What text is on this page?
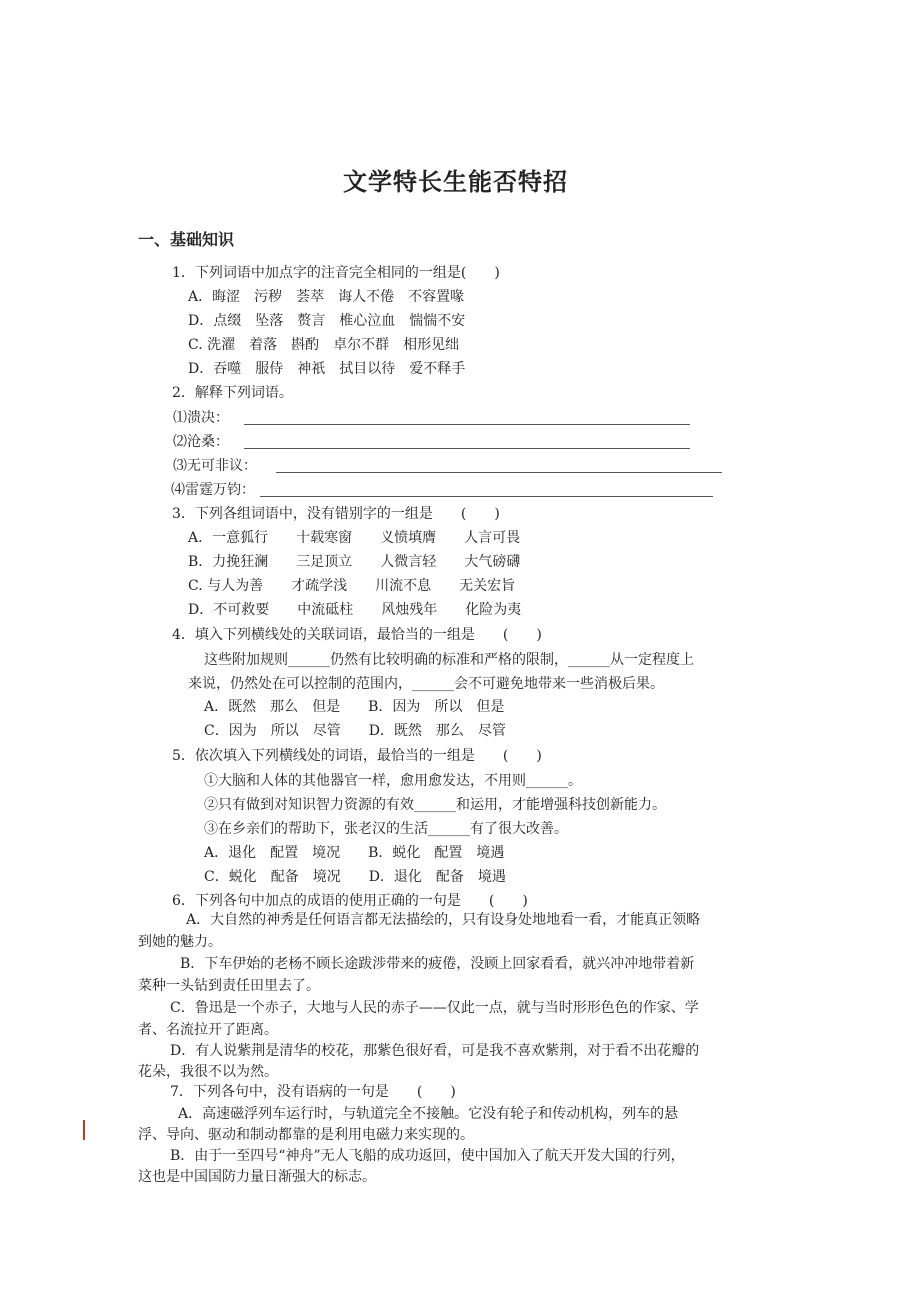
文学特长生能否特招
一、基础知识
1．下列词语中加点字的注音完全相同的一组是(　　)
A．晦涩　污秽　荟萃　诲人不倦　不容置喙
D．点缀　坠落　赘言　椎心泣血　惴惴不安
C. 洗濯　着落　斟酌　卓尔不群　相形见绌
D．吞噬　服侍　神祇　拭目以待　爱不释手
2．解释下列词语。
⑴溃决：
⑵沧桑：
⑶无可非议：
⑷雷霆万钧：
3．下列各组词语中，没有错别字的一组是　　(　　)
A．一意狐行　　十载寒窗　　义愤填膺　　人言可畏
B．力挽狂澜　　三足顶立　　人微言轻　　大气磅礴
C. 与人为善　　才疏学浅　　川流不息　　无关宏旨
D．不可救要　　中流砥柱　　风烛残年　　化险为夷
4．填入下列横线处的关联词语，最恰当的一组是　　(　　)
这些附加规则______仍然有比较明确的标准和严格的限制，______从一定程度上
来说，仍然处在可以控制的范围内，______会不可避免地带来一些消极后果。
A．既然　那么　但是　　B．因为　所以　但是
C．因为　所以　尽管　　D．既然　那么　尽管
5．依次填入下列横线处的词语，最恰当的一组是　　(　　)
①大脑和人体的其他器官一样，愈用愈发达，不用则______。
②只有做到对知识智力资源的有效______和运用，才能增强科技创新能力。
③在乡亲们的帮助下，张老汉的生活______有了很大改善。
A．退化　配置　境况　　B．蜕化　配置　境遇
C．蜕化　配备　境况　　D．退化　配备　境遇
6．下列各句中加点的成语的使用正确的一句是　　(　　)
A．大自然的神秀是任何语言都无法描绘的，只有设身处地地看一看，才能真正领略
到她的魅力。
B．下车伊始的老杨不顾长途跋涉带来的疲倦，没顾上回家看看，就兴冲冲地带着新
菜种一头钻到责任田里去了。
C．鲁迅是一个赤子，大地与人民的赤子——仅此一点，就与当时形形色色的作家、学
者、名流拉开了距离。
D．有人说紫荆是清华的校花，那紫色很好看，可是我不喜欢紫荆，对于看不出花瓣的
花朵，我很不以为然。
7．下列各句中，没有语病的一句是　　(　　)
A．高速磁浮列车运行时，与轨道完全不接触。它没有轮子和传动机构，列车的悬
浮、导向、驱动和制动都靠的是利用电磁力来实现的。
B．由于一至四号“神舟”无人飞船的成功返回，使中国加入了航天开发大国的行列，
这也是中国国防力量日渐强大的标志。
